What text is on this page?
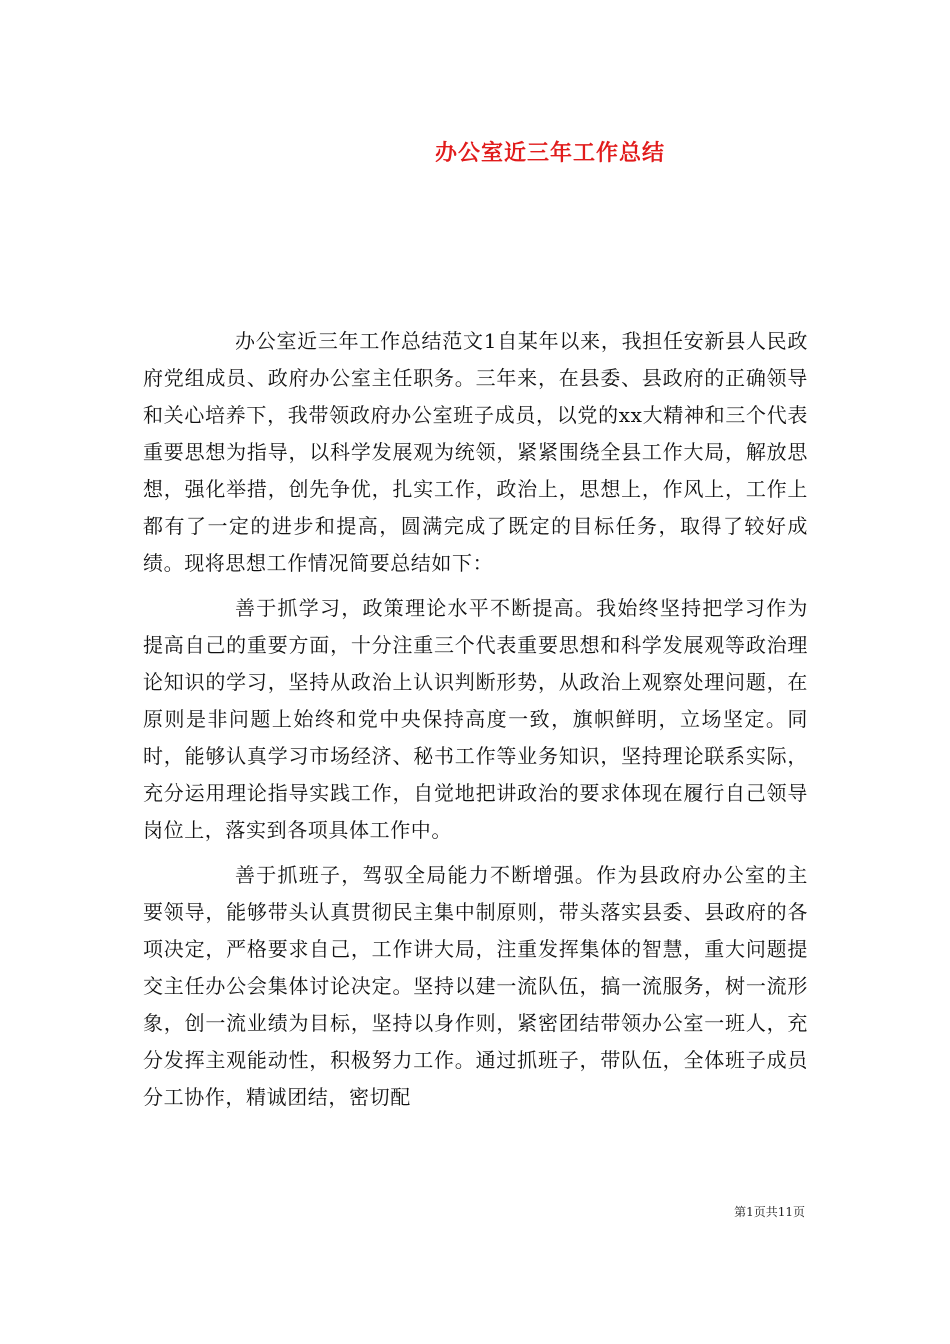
办公室近三年工作总结

办公室近三年工作总结范文1自某年以来，我担任安新县人民政府党组成员、政府办公室主任职务。三年来，在县委、县政府的正确领导和关心培养下，我带领政府办公室班子成员，以党的xx大精神和三个代表重要思想为指导，以科学发展观为统领，紧紧围绕全县工作大局，解放思想，强化举措，创先争优，扎实工作，政治上，思想上，作风上，工作上都有了一定的进步和提高，圆满完成了既定的目标任务，取得了较好成绩。现将思想工作情况简要总结如下：

善于抓学习，政策理论水平不断提高。我始终坚持把学习作为提高自己的重要方面，十分注重三个代表重要思想和科学发展观等政治理论知识的学习，坚持从政治上认识判断形势，从政治上观察处理问题，在原则是非问题上始终和党中央保持高度一致，旗帜鲜明，立场坚定。同时，能够认真学习市场经济、秘书工作等业务知识，坚持理论联系实际，充分运用理论指导实践工作，自觉地把讲政治的要求体现在履行自己领导岗位上，落实到各项具体工作中。

善于抓班子，驾驭全局能力不断增强。作为县政府办公室的主要领导，能够带头认真贯彻民主集中制原则，带头落实县委、县政府的各项决定，严格要求自己，工作讲大局，注重发挥集体的智慧，重大问题提交主任办公会集体讨论决定。坚持以建一流队伍，搞一流服务，树一流形象，创一流业绩为目标，坚持以身作则，紧密团结带领办公室一班人，充分发挥主观能动性，积极努力工作。通过抓班子，带队伍，全体班子成员分工协作，精诚团结，密切配

第1页共11页
